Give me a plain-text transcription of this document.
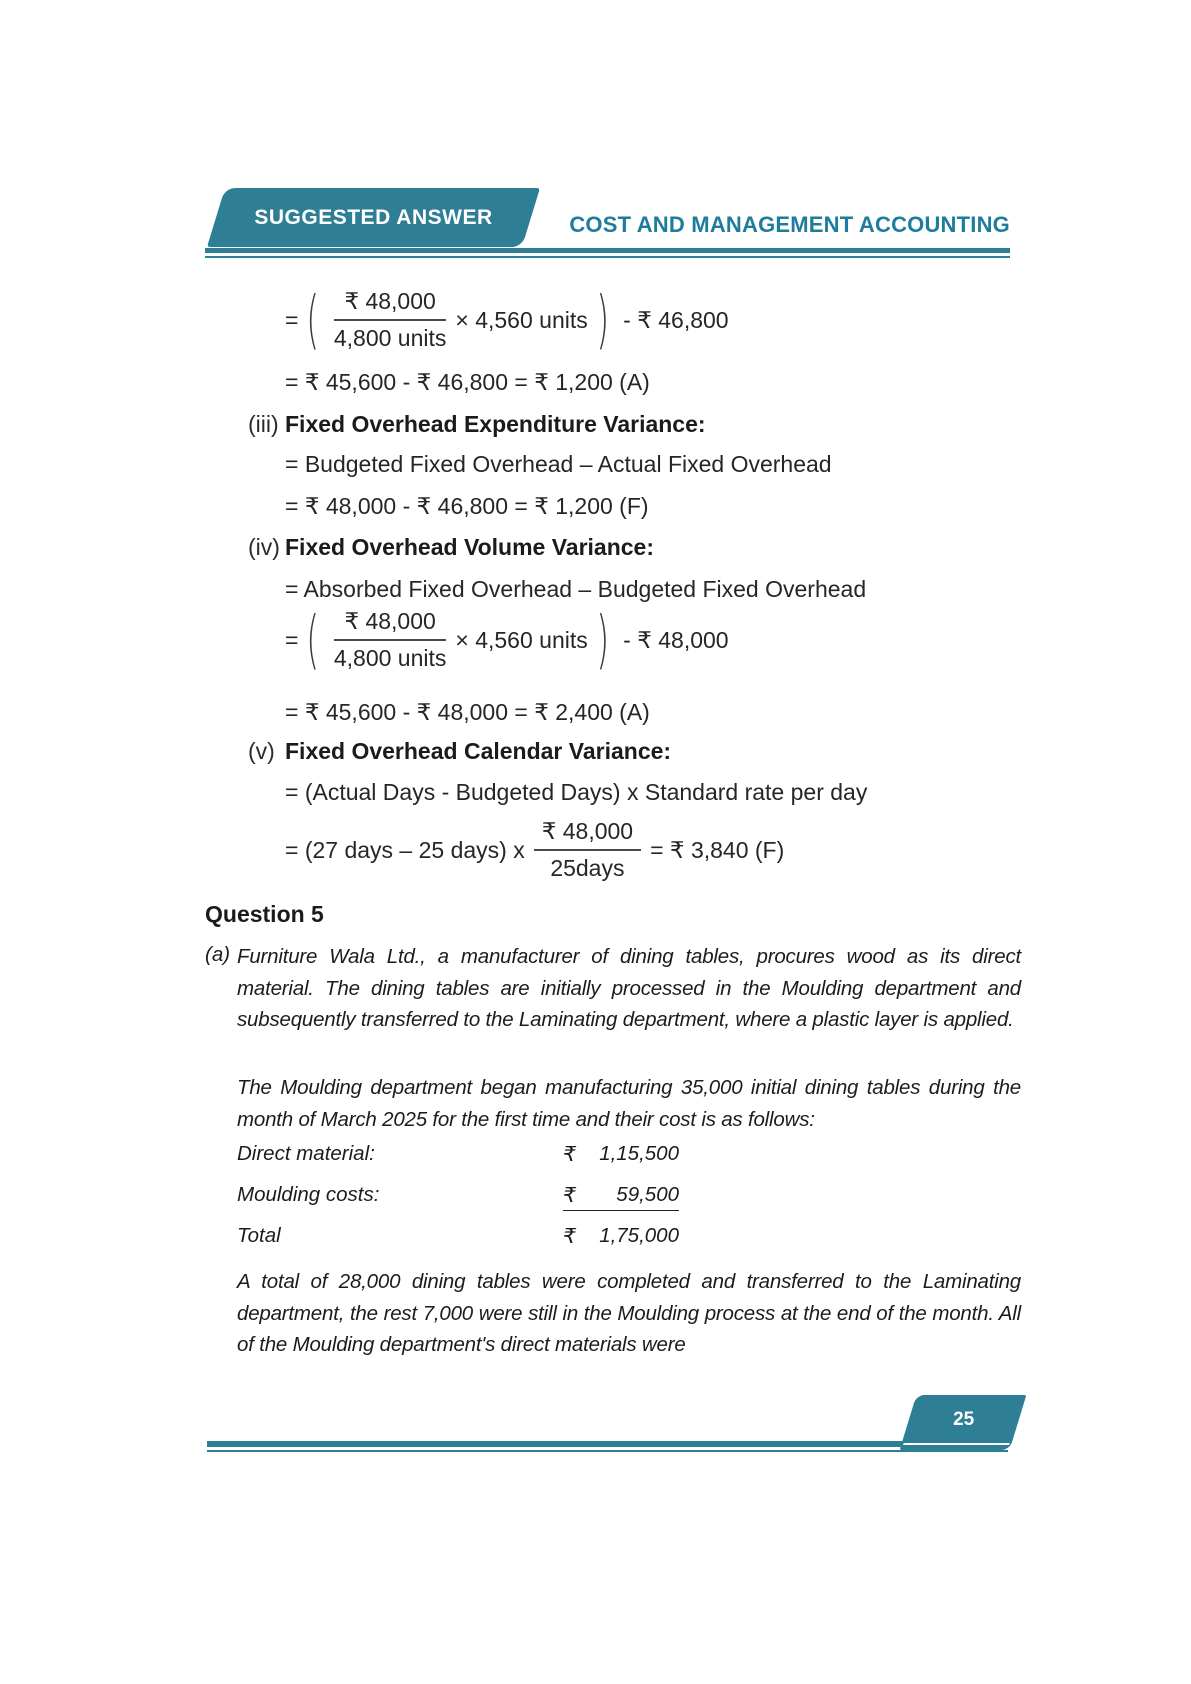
SUGGESTED ANSWER	COST AND MANAGEMENT ACCOUNTING
= ( $\frac{₹ 48,000}{\text{4,800 units}} \times 4,560$ units ) - ₹ 46,800
= ₹ 45,600 - ₹ 46,800 = ₹ 1,200 (A)
(iii) Fixed Overhead Expenditure Variance:
= Budgeted Fixed Overhead – Actual Fixed Overhead
= ₹ 48,000 - ₹ 46,800 = ₹ 1,200 (F)
(iv) Fixed Overhead Volume Variance:
= Absorbed Fixed Overhead – Budgeted Fixed Overhead
= ( $\frac{₹ 48,000}{\text{4,800 units}} \times 4,560$ units ) - ₹ 48,000
= ₹ 45,600 - ₹ 48,000 = ₹ 2,400 (A)
(v) Fixed Overhead Calendar Variance:
= (Actual Days - Budgeted Days) x Standard rate per day
= (27 days – 25 days) x $\frac{₹ 48,000}{\text{25days}}$ = ₹ 3,840 (F)
Question 5
(a) Furniture Wala Ltd., a manufacturer of dining tables, procures wood as its direct material. The dining tables are initially processed in the Moulding department and subsequently transferred to the Laminating department, where a plastic layer is applied.
The Moulding department began manufacturing 35,000 initial dining tables during the month of March 2025 for the first time and their cost is as follows:
Direct material:	₹ 1,15,500
Moulding costs:	₹ 59,500
Total	₹ 1,75,000
A total of 28,000 dining tables were completed and transferred to the Laminating department, the rest 7,000 were still in the Moulding process at the end of the month. All of the Moulding department's direct materials were
25
